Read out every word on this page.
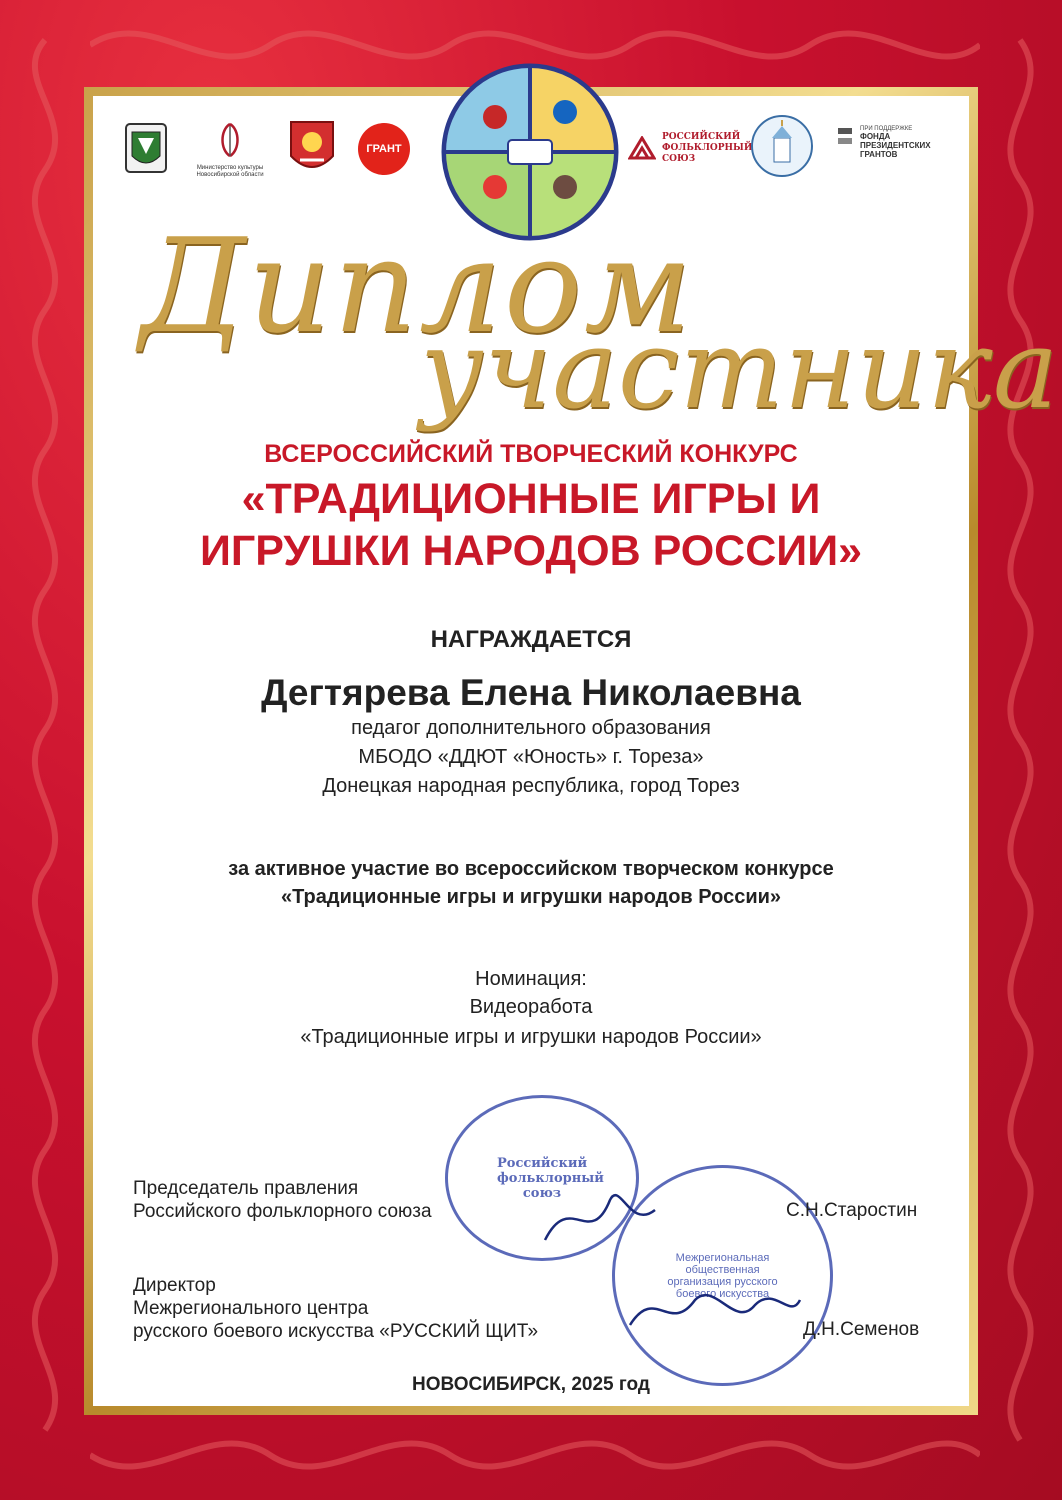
Министерство культуры Новосибирской области
ГРАНТ
РОССИЙСКИЙ ФОЛЬКЛОРНЫЙ СОЮЗ
ПРИ ПОДДЕРЖКЕ
ФОНДА ПРЕЗИДЕНТСКИХ ГРАНТОВ
Диплом
участника
ВСЕРОССИЙСКИЙ ТВОРЧЕСКИЙ КОНКУРС
«ТРАДИЦИОННЫЕ ИГРЫ И
ИГРУШКИ НАРОДОВ РОССИИ»
НАГРАЖДАЕТСЯ
Дегтярева Елена Николаевна
педагог дополнительного образования
МБОДО «ДДЮТ «Юность» г. Тореза»
Донецкая народная республика, город Торез
за активное участие во всероссийском творческом конкурсе
«Традиционные игры и игрушки народов России»
Номинация:
Видеоработа
«Традиционные игры и игрушки народов России»
Российский фольклорный союз
Межрегиональная общественная организация русского боевого искусства
Председатель правления
Российского фольклорного союза	С.Н.Старостин
Директор
Межрегионального центра
русского боевого искусства «РУССКИЙ ЩИТ»	Д.Н.Семенов
НОВОСИБИРСК, 2025 год
